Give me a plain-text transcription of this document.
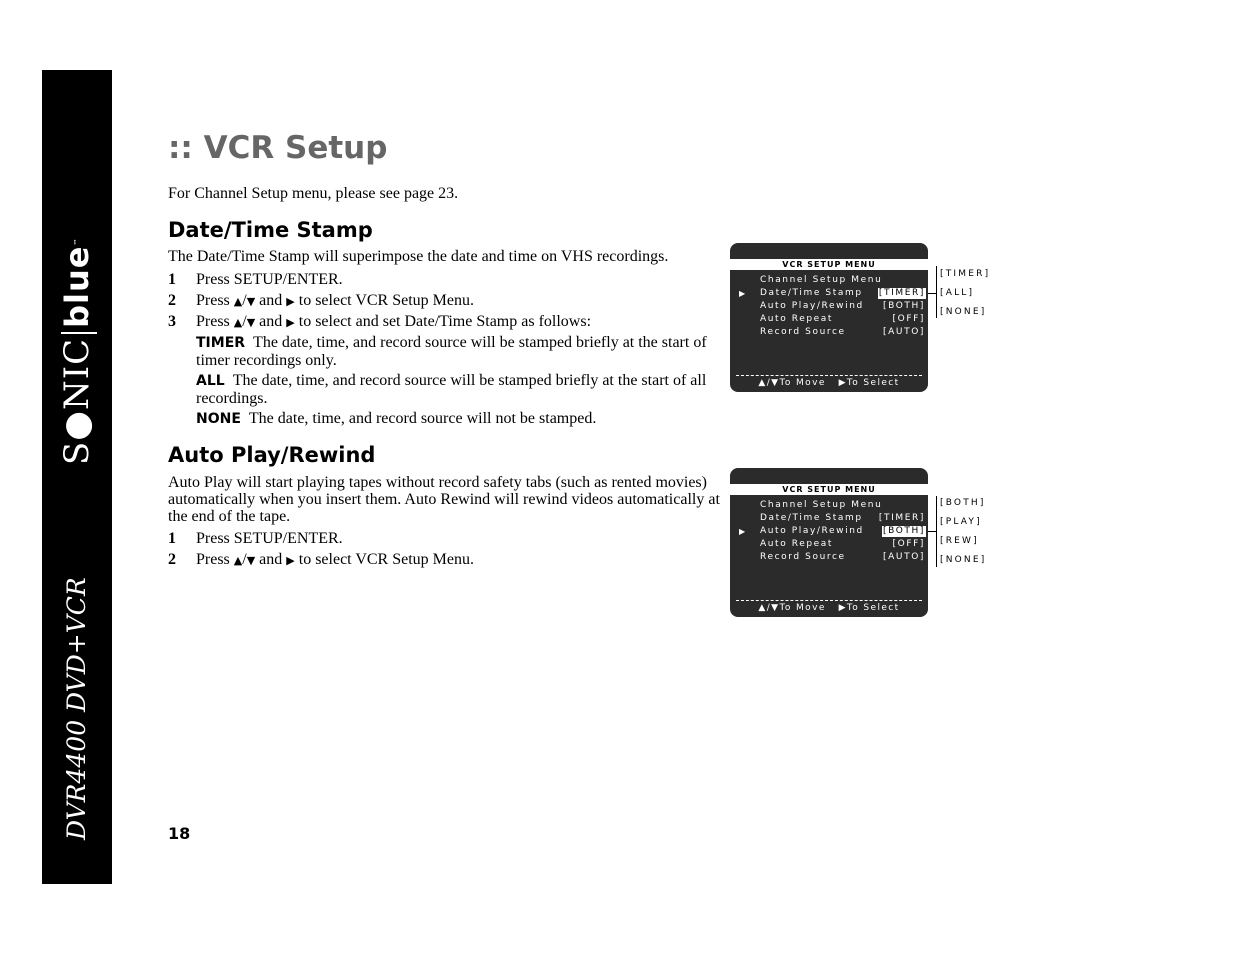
S●NICblue™
DVR4400 DVD+VCR
:: VCR Setup

For Channel Setup menu, please see page 23.

Date/Time Stamp

The Date/Time Stamp will superimpose the date and time on VHS recordings.

1 Press SETUP/ENTER.
2 Press ▲/▼ and ▶ to select VCR Setup Menu.
3 Press ▲/▼ and ▶ to select and set Date/Time Stamp as follows:
TIMER The date, time, and record source will be stamped briefly at the start of timer recordings only.
ALL The date, time, and record source will be stamped briefly at the start of all recordings.
NONE The date, time, and record source will not be stamped.
Auto Play/Rewind

Auto Play will start playing tapes without record safety tabs (such as rented movies) automatically when you insert them. Auto Rewind will rewind videos automatically at the end of the tape.

1 Press SETUP/ENTER.
2 Press ▲/▼ and ▶ to select VCR Setup Menu.
18
VCR SETUP MENU
Channel Setup Menu
▶ Date/Time Stamp [TIMER]
Auto Play/Rewind [BOTH]
Auto Repeat	[OFF]
Record Source	[AUTO]
▲/▼To Move ▶To Select
[TIMER]
[ALL]
[NONE]
VCR SETUP MENU
Channel Setup Menu
Date/Time Stamp [TIMER]
▶ Auto Play/Rewind [BOTH]
Auto Repeat	[OFF]
Record Source	[AUTO]
▲/▼To Move ▶To Select
[BOTH]
[PLAY]
[REW]
[NONE]
